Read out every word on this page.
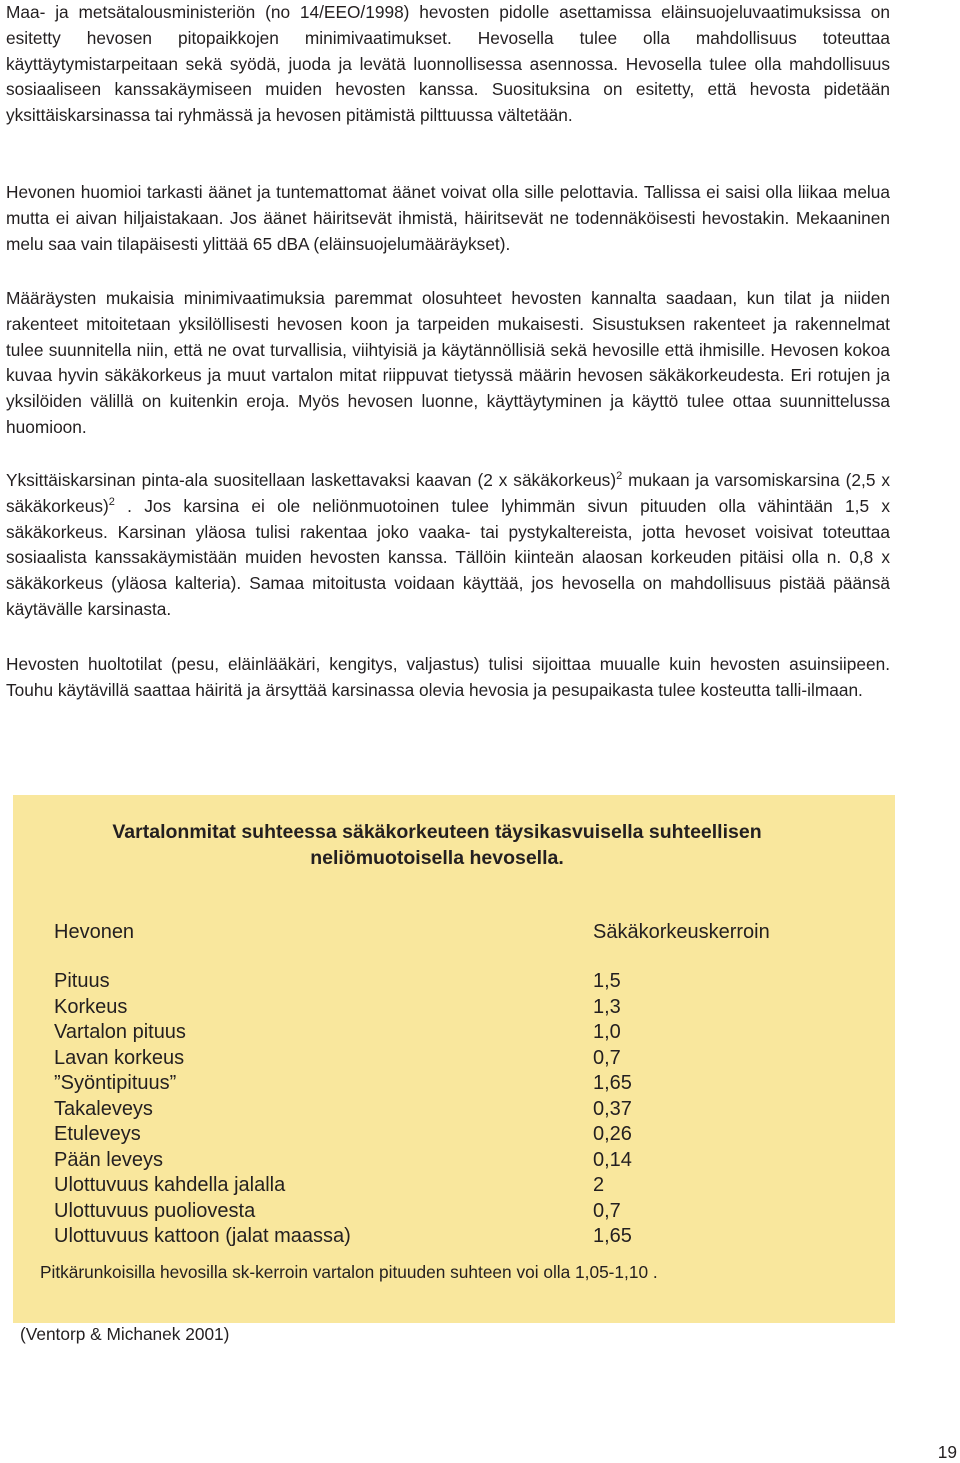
Maa- ja metsätalousministeriön (no 14/EEO/1998) hevosten pidolle asettamissa eläinsuojeluvaatimuksissa on esitetty hevosen pitopaikkojen minimivaatimukset. Hevosella tulee olla mahdollisuus toteuttaa käyttäytymistarpeitaan sekä syödä, juoda ja levätä luonnollisessa asennossa. Hevosella tulee olla mahdollisuus sosiaaliseen kanssakäymiseen muiden hevosten kanssa. Suosituksina on esitetty, että hevosta pidetään yksittäiskarsinassa tai ryhmässä ja hevosen pitämistä pilttuussa vältetään.

Hevonen huomioi tarkasti äänet ja tuntemattomat äänet voivat olla sille pelottavia. Tallissa ei saisi olla liikaa melua mutta ei aivan hiljaistakaan. Jos äänet häiritsevät ihmistä, häiritsevät ne todennäköisesti hevostakin. Mekaaninen melu saa vain tilapäisesti ylittää 65 dBA (eläinsuojelumääräykset).

Määräysten mukaisia minimivaatimuksia paremmat olosuhteet hevosten kannalta saadaan, kun tilat ja niiden rakenteet mitoitetaan yksilöllisesti hevosen koon ja tarpeiden mukaisesti. Sisustuksen rakenteet ja rakennelmat tulee suunnitella niin, että ne ovat turvallisia, viihtyisiä ja käytännöllisiä sekä hevosille että ihmisille. Hevosen kokoa kuvaa hyvin säkäkorkeus ja muut vartalon mitat riippuvat tietyssä määrin hevosen säkäkorkeudesta. Eri rotujen ja yksilöiden välillä on kuitenkin eroja. Myös hevosen luonne, käyttäytyminen ja käyttö tulee ottaa suunnittelussa huomioon.

Yksittäiskarsinan pinta-ala suositellaan laskettavaksi kaavan (2 x säkäkorkeus)$^2$ mukaan ja varsomiskarsina (2,5 x säkäkorkeus)$^2$ . Jos karsina ei ole neliönmuotoinen tulee lyhimmän sivun pituuden olla vähintään 1,5 x säkäkorkeus. Karsinan yläosa tulisi rakentaa joko vaaka- tai pystykaltereista, jotta hevoset voisivat toteuttaa sosiaalista kanssakäymistään muiden hevosten kanssa. Tällöin kiinteän alaosan korkeuden pitäisi olla n. 0,8 x säkäkorkeus (yläosa kalteria). Samaa mitoitusta voidaan käyttää, jos hevosella on mahdollisuus pistää päänsä käytävälle karsinasta.

Hevosten huoltotilat (pesu, eläinlääkäri, kengitys, valjastus) tulisi sijoittaa muualle kuin hevosten asuinsiipeen. Touhu käytävillä saattaa häiritä ja ärsyttää karsinassa olevia hevosia ja pesupaikasta tulee kosteutta talli-ilmaan.

Vartalonmitat suhteessa säkäkorkeuteen täysikasvuisella suhteellisen
neliömuotoisella hevosella.
Hevonen	Säkäkorkeuskerroin
Pituus	1,5
Korkeus	1,3
Vartalon pituus	1,0
Lavan korkeus	0,7
”Syöntipituus”	1,65
Takaleveys	0,37
Etuleveys	0,26
Pään leveys	0,14
Ulottuvuus kahdella jalalla	2
Ulottuvuus puoliovesta	0,7
Ulottuvuus kattoon (jalat maassa)	1,65
Pitkärunkoisilla hevosilla sk-kerroin vartalon pituuden suhteen voi olla 1,05-1,10 .
(Ventorp & Michanek 2001)
19
